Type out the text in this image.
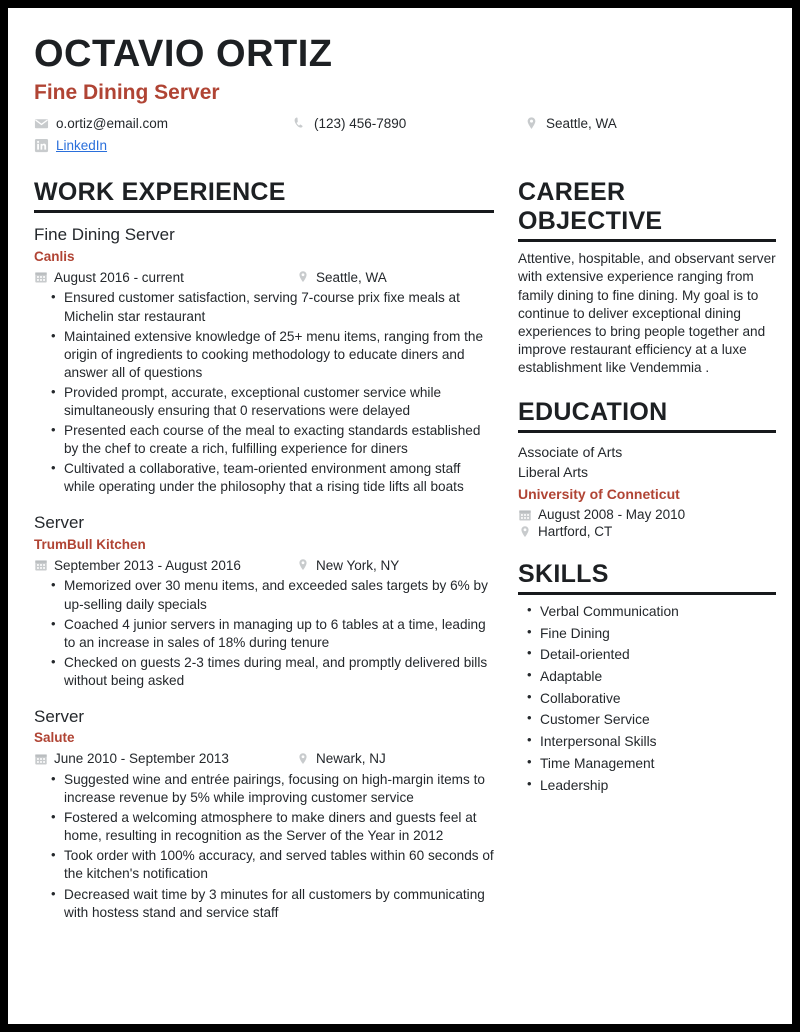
OCTAVIO ORTIZ
Fine Dining Server
o.ortiz@email.com	(123) 456-7890	Seattle, WA
LinkedIn
WORK EXPERIENCE
Fine Dining Server
Canlis
August 2016 - current	Seattle, WA
• Ensured customer satisfaction, serving 7-course prix fixe meals at Michelin star restaurant
• Maintained extensive knowledge of 25+ menu items, ranging from the origin of ingredients to cooking methodology to educate diners and answer all of questions
• Provided prompt, accurate, exceptional customer service while simultaneously ensuring that 0 reservations were delayed
• Presented each course of the meal to exacting standards established by the chef to create a rich, fulfilling experience for diners
• Cultivated a collaborative, team-oriented environment among staff while operating under the philosophy that a rising tide lifts all boats
Server
TrumBull Kitchen
September 2013 - August 2016	New York, NY
• Memorized over 30 menu items, and exceeded sales targets by 6% by up-selling daily specials
• Coached 4 junior servers in managing up to 6 tables at a time, leading to an increase in sales of 18% during tenure
• Checked on guests 2-3 times during meal, and promptly delivered bills without being asked
Server
Salute
June 2010 - September 2013	Newark, NJ
• Suggested wine and entrée pairings, focusing on high-margin items to increase revenue by 5% while improving customer service
• Fostered a welcoming atmosphere to make diners and guests feel at home, resulting in recognition as the Server of the Year in 2012
• Took order with 100% accuracy, and served tables within 60 seconds of the kitchen's notification
• Decreased wait time by 3 minutes for all customers by communicating with hostess stand and service staff
CAREER
OBJECTIVE
Attentive, hospitable, and observant server with extensive experience ranging from family dining to fine dining. My goal is to continue to deliver exceptional dining experiences to bring people together and improve restaurant efficiency at a luxe establishment like Vendemmia .
EDUCATION
Associate of Arts
Liberal Arts
University of Conneticut
August 2008 - May 2010
Hartford, CT
SKILLS
• Verbal Communication
• Fine Dining
• Detail-oriented
• Adaptable
• Collaborative
• Customer Service
• Interpersonal Skills
• Time Management
• Leadership
